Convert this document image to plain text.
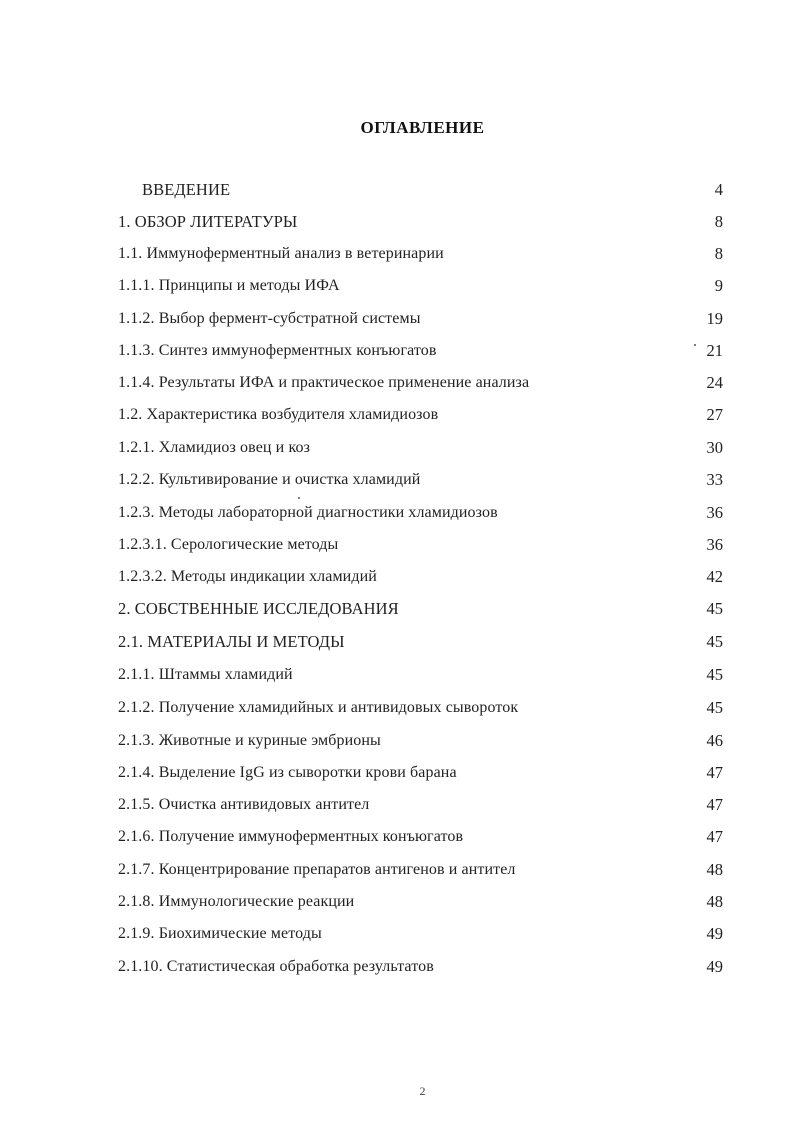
ОГЛАВЛЕНИЕ
ВВЕДЕНИЕ	4
1. ОБЗОР ЛИТЕРАТУРЫ	8
1.1. Иммуноферментный анализ в ветеринарии	8
1.1.1. Принципы и методы ИФА	9
1.1.2. Выбор фермент-субстратной системы	19
1.1.3. Синтез иммуноферментных конъюгатов	21
1.1.4. Результаты ИФА и практическое применение анализа	24
1.2. Характеристика возбудителя хламидиозов	27
1.2.1. Хламидиоз овец и коз	30
1.2.2. Культивирование и очистка хламидий	33
1.2.3. Методы лабораторной диагностики хламидиозов	36
1.2.3.1. Серологические методы	36
1.2.3.2. Методы индикации хламидий	42
2. СОБСТВЕННЫЕ ИССЛЕДОВАНИЯ	45
2.1. МАТЕРИАЛЫ И МЕТОДЫ	45
2.1.1. Штаммы хламидий	45
2.1.2. Получение хламидийных и антивидовых сывороток	45
2.1.3. Животные и куриные эмбрионы	46
2.1.4. Выделение IgG из сыворотки крови барана	47
2.1.5. Очистка антивидовых антител	47
2.1.6. Получение иммуноферментных конъюгатов	47
2.1.7. Концентрирование препаратов антигенов и антител	48
2.1.8. Иммунологические реакции	48
2.1.9. Биохимические методы	49
2.1.10. Статистическая обработка результатов	49
2
